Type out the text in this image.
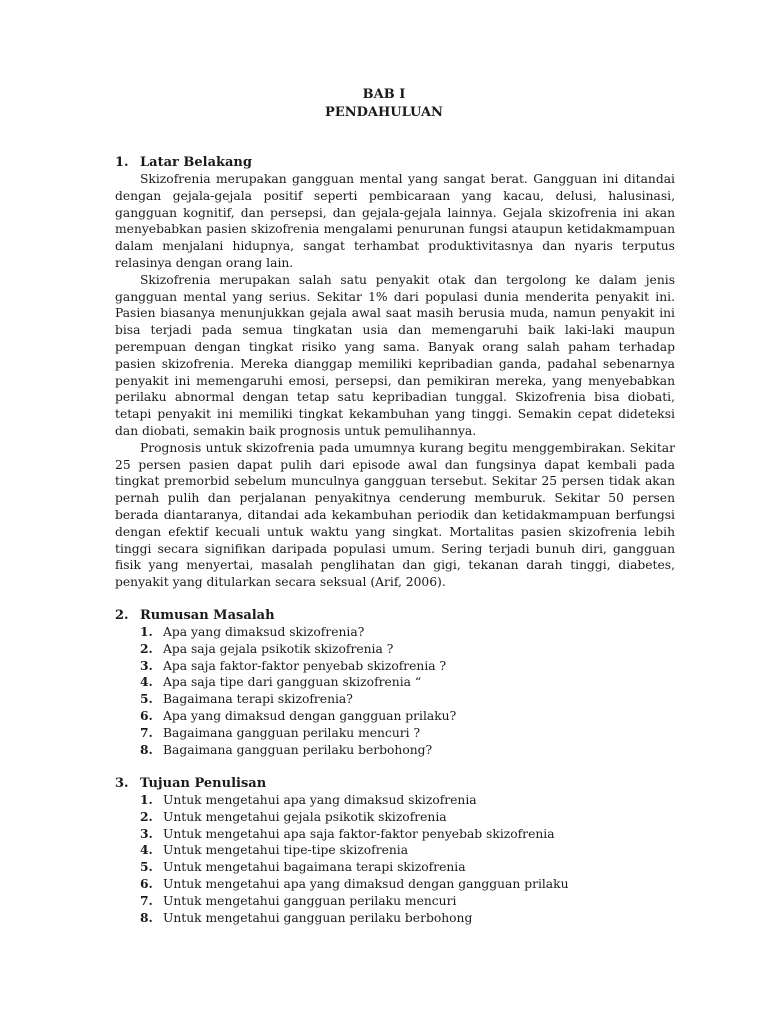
BAB I
PENDAHULUAN
1. Latar Belakang

Skizofrenia merupakan gangguan mental yang sangat berat. Gangguan ini ditandai dengan gejala-gejala positif seperti pembicaraan yang kacau, delusi, halusinasi, gangguan kognitif, dan persepsi, dan gejala-gejala lainnya. Gejala skizofrenia ini akan menyebabkan pasien skizofrenia mengalami penurunan fungsi ataupun ketidakmampuan dalam menjalani hidupnya, sangat terhambat produktivitasnya dan nyaris terputus relasinya dengan orang lain.

Skizofrenia merupakan salah satu penyakit otak dan tergolong ke dalam jenis gangguan mental yang serius. Sekitar 1% dari populasi dunia menderita penyakit ini. Pasien biasanya menunjukkan gejala awal saat masih berusia muda, namun penyakit ini bisa terjadi pada semua tingkatan usia dan memengaruhi baik laki-laki maupun perempuan dengan tingkat risiko yang sama. Banyak orang salah paham terhadap pasien skizofrenia. Mereka dianggap memiliki kepribadian ganda, padahal sebenarnya penyakit ini memengaruhi emosi, persepsi, dan pemikiran mereka, yang menyebabkan perilaku abnormal dengan tetap satu kepribadian tunggal. Skizofrenia bisa diobati, tetapi penyakit ini memiliki tingkat kekambuhan yang tinggi. Semakin cepat dideteksi dan diobati, semakin baik prognosis untuk pemulihannya.

Prognosis untuk skizofrenia pada umumnya kurang begitu menggembirakan. Sekitar 25 persen pasien dapat pulih dari episode awal dan fungsinya dapat kembali pada tingkat premorbid sebelum munculnya gangguan tersebut. Sekitar 25 persen tidak akan pernah pulih dan perjalanan penyakitnya cenderung memburuk. Sekitar 50 persen berada diantaranya, ditandai ada kekambuhan periodik dan ketidakmampuan berfungsi dengan efektif kecuali untuk waktu yang singkat. Mortalitas pasien skizofrenia lebih tinggi secara signifikan daripada populasi umum. Sering terjadi bunuh diri, gangguan fisik yang menyertai, masalah penglihatan dan gigi, tekanan darah tinggi, diabetes, penyakit yang ditularkan secara seksual (Arif, 2006).

2. Rumusan Masalah
1. Apa yang dimaksud skizofrenia?
2. Apa saja gejala psikotik skizofrenia ?
3. Apa saja faktor-faktor penyebab skizofrenia ?
4. Apa saja tipe dari gangguan skizofrenia “
5. Bagaimana terapi skizofrenia?
6. Apa yang dimaksud dengan gangguan prilaku?
7. Bagaimana gangguan perilaku mencuri ?
8. Bagaimana gangguan perilaku berbohong?
3. Tujuan Penulisan
1. Untuk mengetahui apa yang dimaksud skizofrenia
2. Untuk mengetahui gejala psikotik skizofrenia
3. Untuk mengetahui apa saja faktor-faktor penyebab skizofrenia
4. Untuk mengetahui tipe-tipe skizofrenia
5. Untuk mengetahui bagaimana terapi skizofrenia
6. Untuk mengetahui apa yang dimaksud dengan gangguan prilaku
7. Untuk mengetahui gangguan perilaku mencuri
8. Untuk mengetahui gangguan perilaku berbohong
